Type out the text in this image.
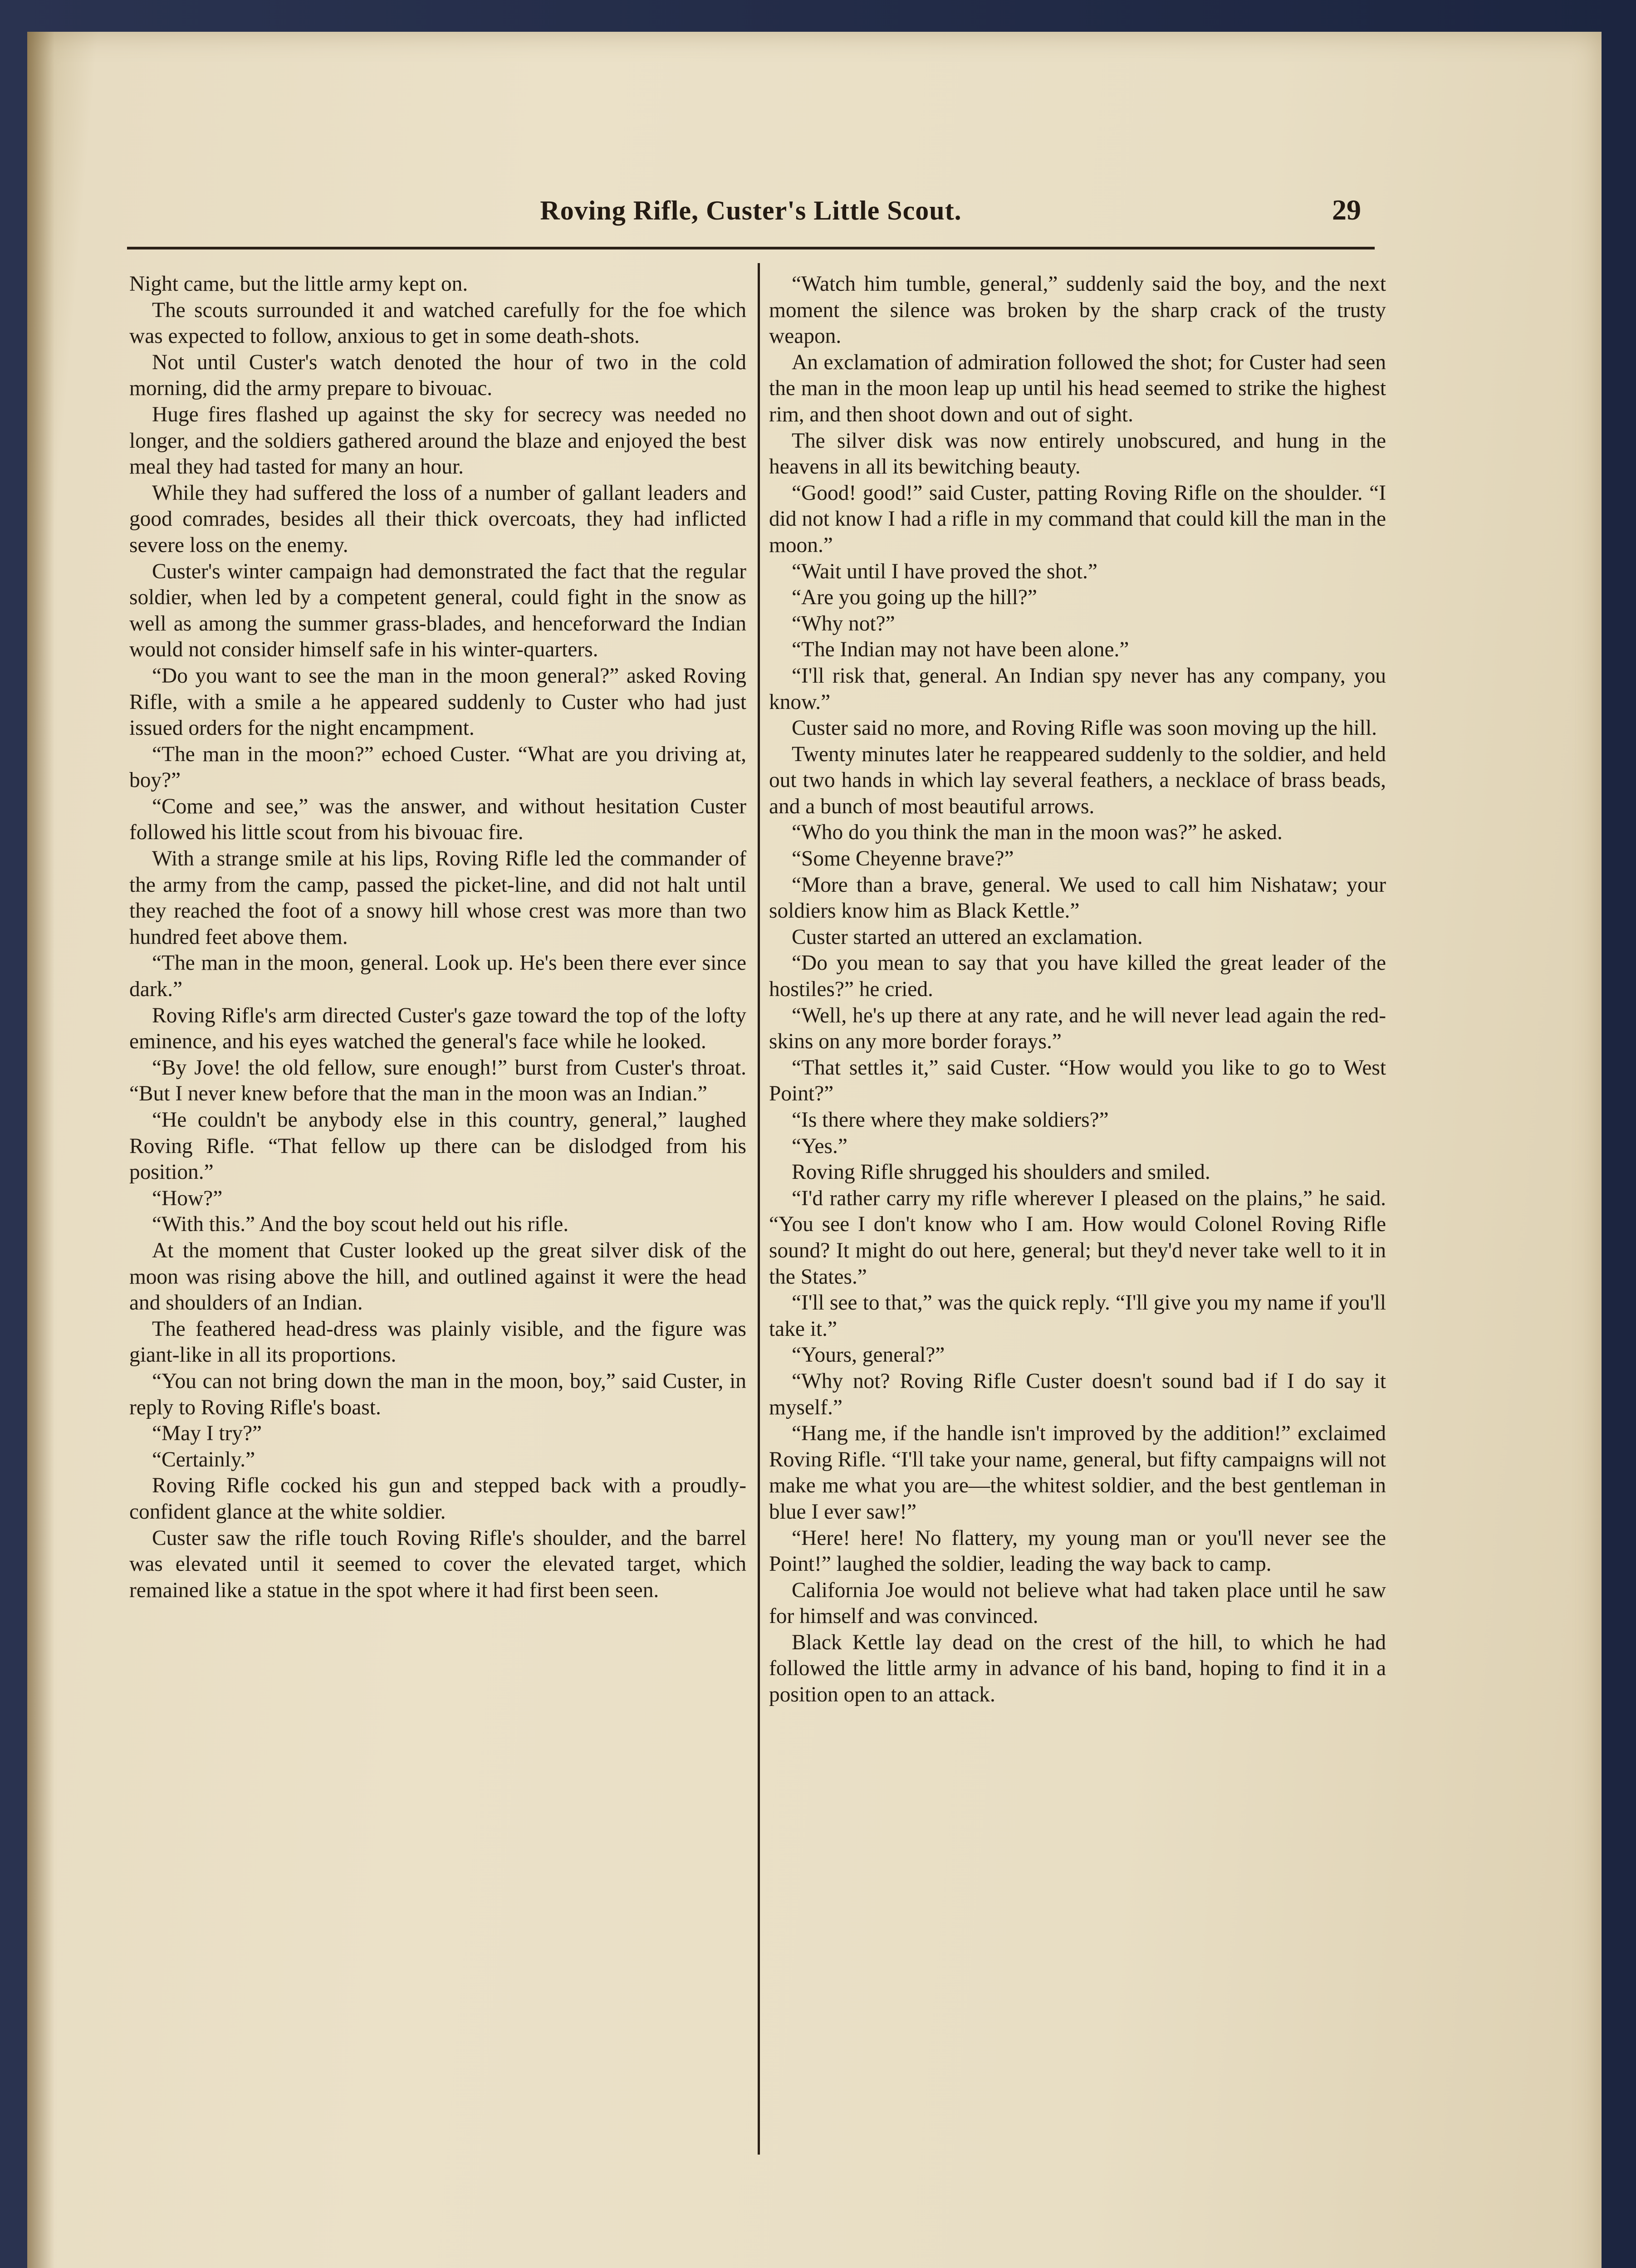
Roving Rifle, Custer's Little Scout.	29

Night came, but the little army kept on.

The scouts surrounded it and watched carefully for the foe which was expected to follow, anxious to get in some death-shots.

Not until Custer's watch denoted the hour of two in the cold morning, did the army prepare to bivouac.

Huge fires flashed up against the sky for secrecy was needed no longer, and the soldiers gathered around the blaze and enjoyed the best meal they had tasted for many an hour.

While they had suffered the loss of a number of gallant leaders and good comrades, besides all their thick overcoats, they had inflicted severe loss on the enemy.

Custer's winter campaign had demonstrated the fact that the regular soldier, when led by a competent general, could fight in the snow as well as among the summer grass-blades, and henceforward the Indian would not consider himself safe in his winter-quarters.

“Do you want to see the man in the moon general?” asked Roving Rifle, with a smile a he appeared suddenly to Custer who had just issued orders for the night encampment.

“The man in the moon?” echoed Custer. “What are you driving at, boy?”

“Come and see,” was the answer, and without hesitation Custer followed his little scout from his bivouac fire.

With a strange smile at his lips, Roving Rifle led the commander of the army from the camp, passed the picket-line, and did not halt until they reached the foot of a snowy hill whose crest was more than two hundred feet above them.

“The man in the moon, general. Look up. He's been there ever since dark.”

Roving Rifle's arm directed Custer's gaze toward the top of the lofty eminence, and his eyes watched the general's face while he looked.

“By Jove! the old fellow, sure enough!” burst from Custer's throat. “But I never knew before that the man in the moon was an Indian.”

“He couldn't be anybody else in this country, general,” laughed Roving Rifle. “That fellow up there can be dislodged from his position.”

“How?”

“With this.” And the boy scout held out his rifle.

At the moment that Custer looked up the great silver disk of the moon was rising above the hill, and outlined against it were the head and shoulders of an Indian.

The feathered head-dress was plainly visible, and the figure was giant-like in all its proportions.

“You can not bring down the man in the moon, boy,” said Custer, in reply to Roving Rifle's boast.

“May I try?”

“Certainly.”

Roving Rifle cocked his gun and stepped back with a proudly-confident glance at the white soldier.

Custer saw the rifle touch Roving Rifle's shoulder, and the barrel was elevated until it seemed to cover the elevated target, which remained like a statue in the spot where it had first been seen.

“Watch him tumble, general,” suddenly said the boy, and the next moment the silence was broken by the sharp crack of the trusty weapon.

An exclamation of admiration followed the shot; for Custer had seen the man in the moon leap up until his head seemed to strike the highest rim, and then shoot down and out of sight.

The silver disk was now entirely unobscured, and hung in the heavens in all its bewitching beauty.

“Good! good!” said Custer, patting Roving Rifle on the shoulder. “I did not know I had a rifle in my command that could kill the man in the moon.”

“Wait until I have proved the shot.”

“Are you going up the hill?”

“Why not?”

“The Indian may not have been alone.”

“I'll risk that, general. An Indian spy never has any company, you know.”

Custer said no more, and Roving Rifle was soon moving up the hill.

Twenty minutes later he reappeared suddenly to the soldier, and held out two hands in which lay several feathers, a necklace of brass beads, and a bunch of most beautiful arrows.

“Who do you think the man in the moon was?” he asked.

“Some Cheyenne brave?”

“More than a brave, general. We used to call him Nishataw; your soldiers know him as Black Kettle.”

Custer started an uttered an exclamation.

“Do you mean to say that you have killed the great leader of the hostiles?” he cried.

“Well, he's up there at any rate, and he will never lead again the red-skins on any more border forays.”

“That settles it,” said Custer. “How would you like to go to West Point?”

“Is there where they make soldiers?”

“Yes.”

Roving Rifle shrugged his shoulders and smiled.

“I'd rather carry my rifle wherever I pleased on the plains,” he said. “You see I don't know who I am. How would Colonel Roving Rifle sound? It might do out here, general; but they'd never take well to it in the States.”

“I'll see to that,” was the quick reply. “I'll give you my name if you'll take it.”

“Yours, general?”

“Why not? Roving Rifle Custer doesn't sound bad if I do say it myself.”

“Hang me, if the handle isn't improved by the addition!” exclaimed Roving Rifle. “I'll take your name, general, but fifty campaigns will not make me what you are—the whitest soldier, and the best gentleman in blue I ever saw!”

“Here! here! No flattery, my young man or you'll never see the Point!” laughed the soldier, leading the way back to camp.

California Joe would not believe what had taken place until he saw for himself and was convinced.

Black Kettle lay dead on the crest of the hill, to which he had followed the little army in advance of his band, hoping to find it in a position open to an attack.
